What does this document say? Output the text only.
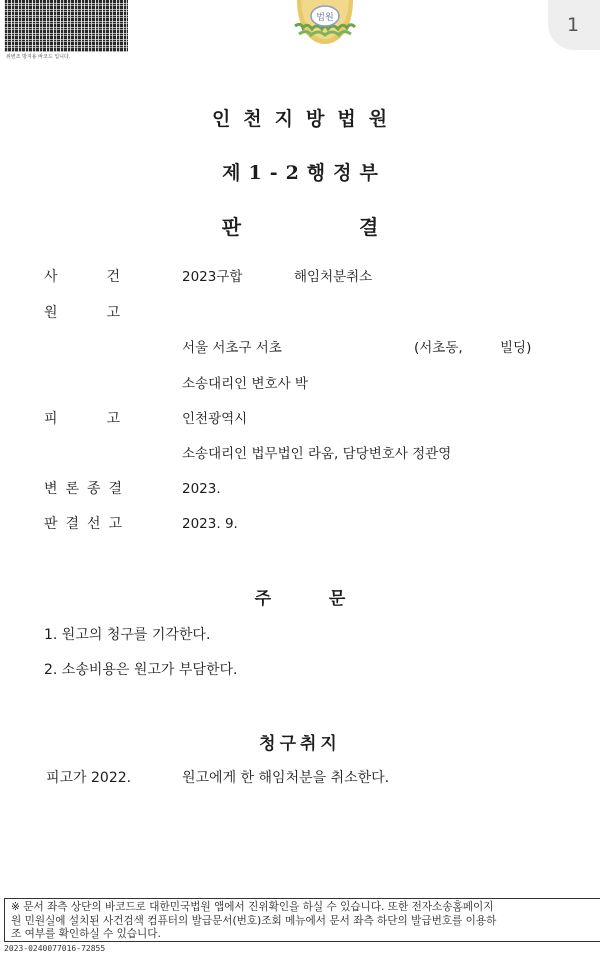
위변조 방지용 바코드 입니다.
법원	1
인천지방법원
제1-2행정부
판	결
사	건	2023구합	해임처분취소
원	고
서울 서초구 서초	(서초동,	빌딩)
소송대리인 변호사 박
피	고	인천광역시
소송대리인 법무법인 라움, 담당변호사 정관영
변 론 종 결	2023.
판 결 선 고	2023. 9.
주	문
1. 원고의 청구를 기각한다.
2. 소송비용은 원고가 부담한다.
청구취지
피고가 2022.	원고에게 한 해임처분을 취소한다.
※ 문서 좌측 상단의 바코드로 대한민국법원 앱에서 진위확인을 하실 수 있습니다. 또한 전자소송홈페이지
원 민원실에 설치된 사건검색 컴퓨터의 발급문서(번호)조회 메뉴에서 문서 좌측 하단의 발급번호를 이용하
조 여부를 확인하실 수 있습니다.
2023-0240077016-72855
